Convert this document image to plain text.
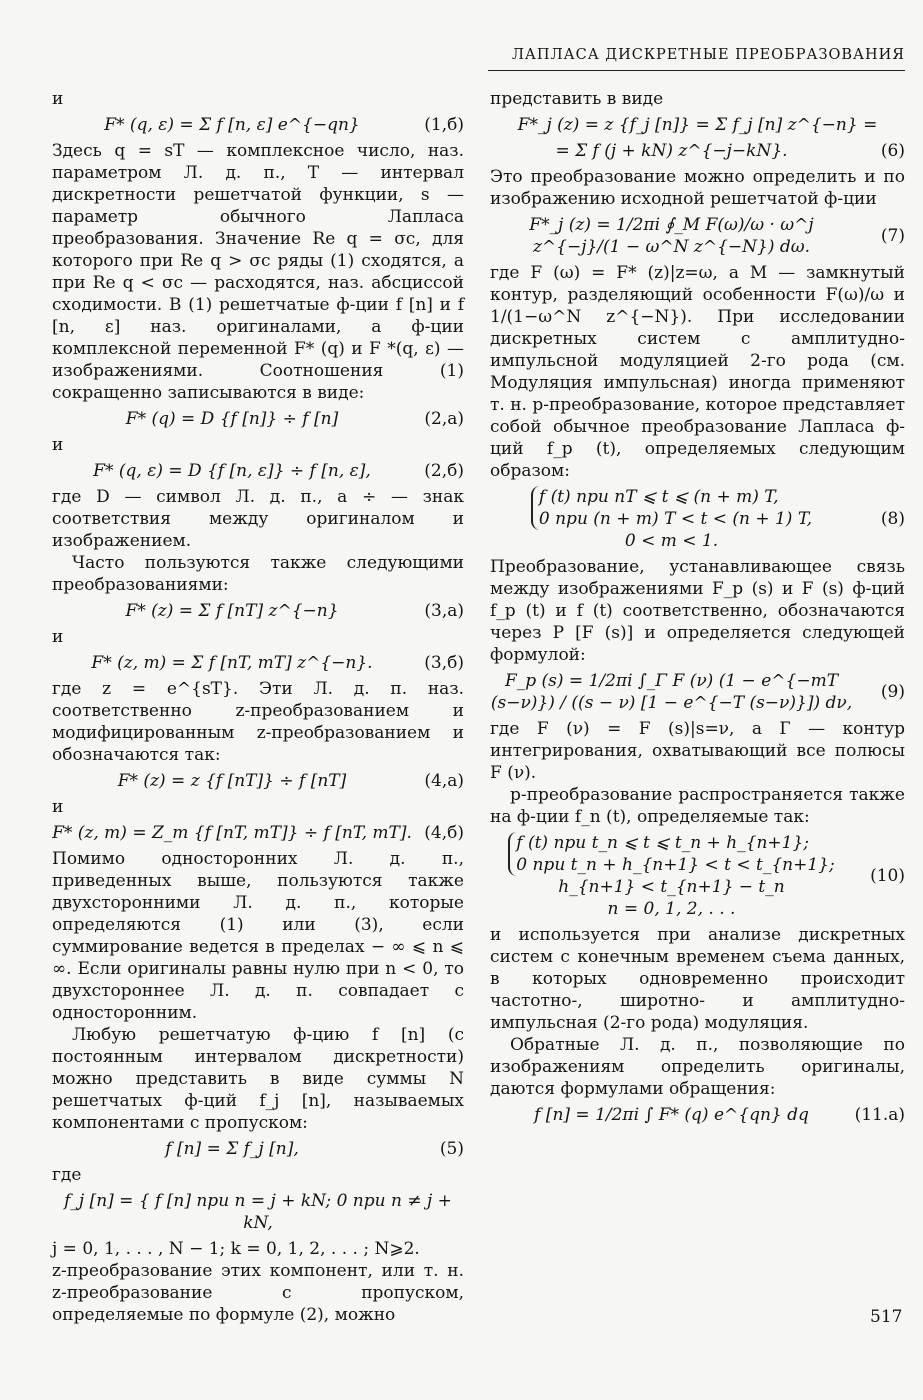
ЛАПЛАСА ДИСКРЕТНЫЕ ПРЕОБРАЗОВАНИЯ

и

F* (q, ε) = Σ f [n, ε] e^{−qn}	(1,б)

Здесь q = sT — комплексное число, наз. параметром Л. д. п., T — интервал дискретности решетчатой функции, s — параметр обычного Лапласа преобразования. Значение Re q = σc, для которого при Re q > σc ряды (1) сходятся, а при Re q < σc — расходятся, наз. абсциссой сходимости. В (1) решетчатые ф-ции f [n] и f [n, ε] наз. оригиналами, а ф-ции комплексной переменной F* (q) и F *(q, ε) — изображениями. Соотношения (1) сокращенно записываются в виде:

F* (q) = D {f [n]} ÷ f [n]	(2,а)

и

F* (q, ε) = D {f [n, ε]} ÷ f [n, ε],	(2,б)

где D — символ Л. д. п., а ÷ — знак соответствия между оригиналом и изображением.

Часто пользуются также следующими преобразованиями:

F* (z) = Σ f [nT] z^{−n}	(3,а)

и

F* (z, m) = Σ f [nT, mT] z^{−n}.	(3,б)

где z = e^{sT}. Эти Л. д. п. наз. соответственно z-преобразованием и модифицированным z-преобразованием и обозначаются так:

F* (z) = z {f [nT]} ÷ f [nT]	(4,а)

и

F* (z, m) = Z_m {f [nT, mT]} ÷ f [nT, mT]. (4,б)

Помимо односторонних Л. д. п., приведенных выше, пользуются также двухсторонними Л. д. п., которые определяются (1) или (3), если суммирование ведется в пределах − ∞ ⩽ n ⩽ ∞. Если оригиналы равны нулю при n < 0, то двухстороннее Л. д. п. совпадает с односторонним.

Любую решетчатую ф-цию f [n] (с постоянным интервалом дискретности) можно представить в виде суммы N решетчатых ф-ций f_j [n], называемых компонентами с пропуском:

f [n] = Σ f_j [n],	(5)

где

f_j [n] = { f [n] при n = j + kN; 0 при n ≠ j + kN,

j = 0, 1, . . . , N − 1; k = 0, 1, 2, . . . ; N⩾2.

z-преобразование этих компонент, или т. н. z-преобразование с пропуском, определяемые по формуле (2), можно

представить в виде

F*_j (z) = z {f_j [n]} = Σ f_j [n] z^{−n} =
= Σ f (j + kN) z^{−j−kN}.	(6)

Это преобразование можно определить и по изображению исходной решетчатой ф-ции

F*_j (z) = 1/2πi ∮_M F(ω)/ω · ω^j z^{−j}/(1 − ω^N z^{−N}) dω.
(7)

где F (ω) = F* (z)|z=ω, а M — замкнутый контур, разделяющий особенности F(ω)/ω и 1/(1−ω^N z^{−N}). При исследовании дискретных систем с амплитудно-импульсной модуляцией 2-го рода (см. Модуляция импульсная) иногда применяют т. н. p-преобразование, которое представляет собой обычное преобразование Лапласа ф-ций f_p (t), определяемых следующим образом:

f (t) при nT ⩽ t ⩽ (n + m) T,
0 при (n + m) T < t < (n + 1) T,
0 < m < 1.
(8)

Преобразование, устанавливающее связь между изображениями F_p (s) и F (s) ф-ций f_p (t) и f (t) соответственно, обозначаются через P [F (s)] и определяется следующей формулой:

F_p (s) = 1/2πi ∫_Γ F (ν) (1 − e^{−mT (s−ν)}) / ((s − ν) [1 − e^{−T (s−ν)}]) dν,
(9)

где F (ν) = F (s)|s=ν, а Г — контур интегрирования, охватывающий все полюсы F (ν).

p-преобразование распространяется также на ф-ции f_n (t), определяемые так:

f (t) при t_n ⩽ t ⩽ t_n + h_{n+1};
0 при t_n + h_{n+1} < t < t_{n+1};
h_{n+1} < t_{n+1} − t_n
n = 0, 1, 2, . . .
(10)

и используется при анализе дискретных систем с конечным временем съема данных, в которых одновременно происходит частотно-, широтно- и амплитудно-импульсная (2-го рода) модуляция.

Обратные Л. д. п., позволяющие по изображениям определить оригиналы, даются формулами обращения:

f [n] = 1/2πi ∫ F* (q) e^{qn} dq	(11.а)
517
